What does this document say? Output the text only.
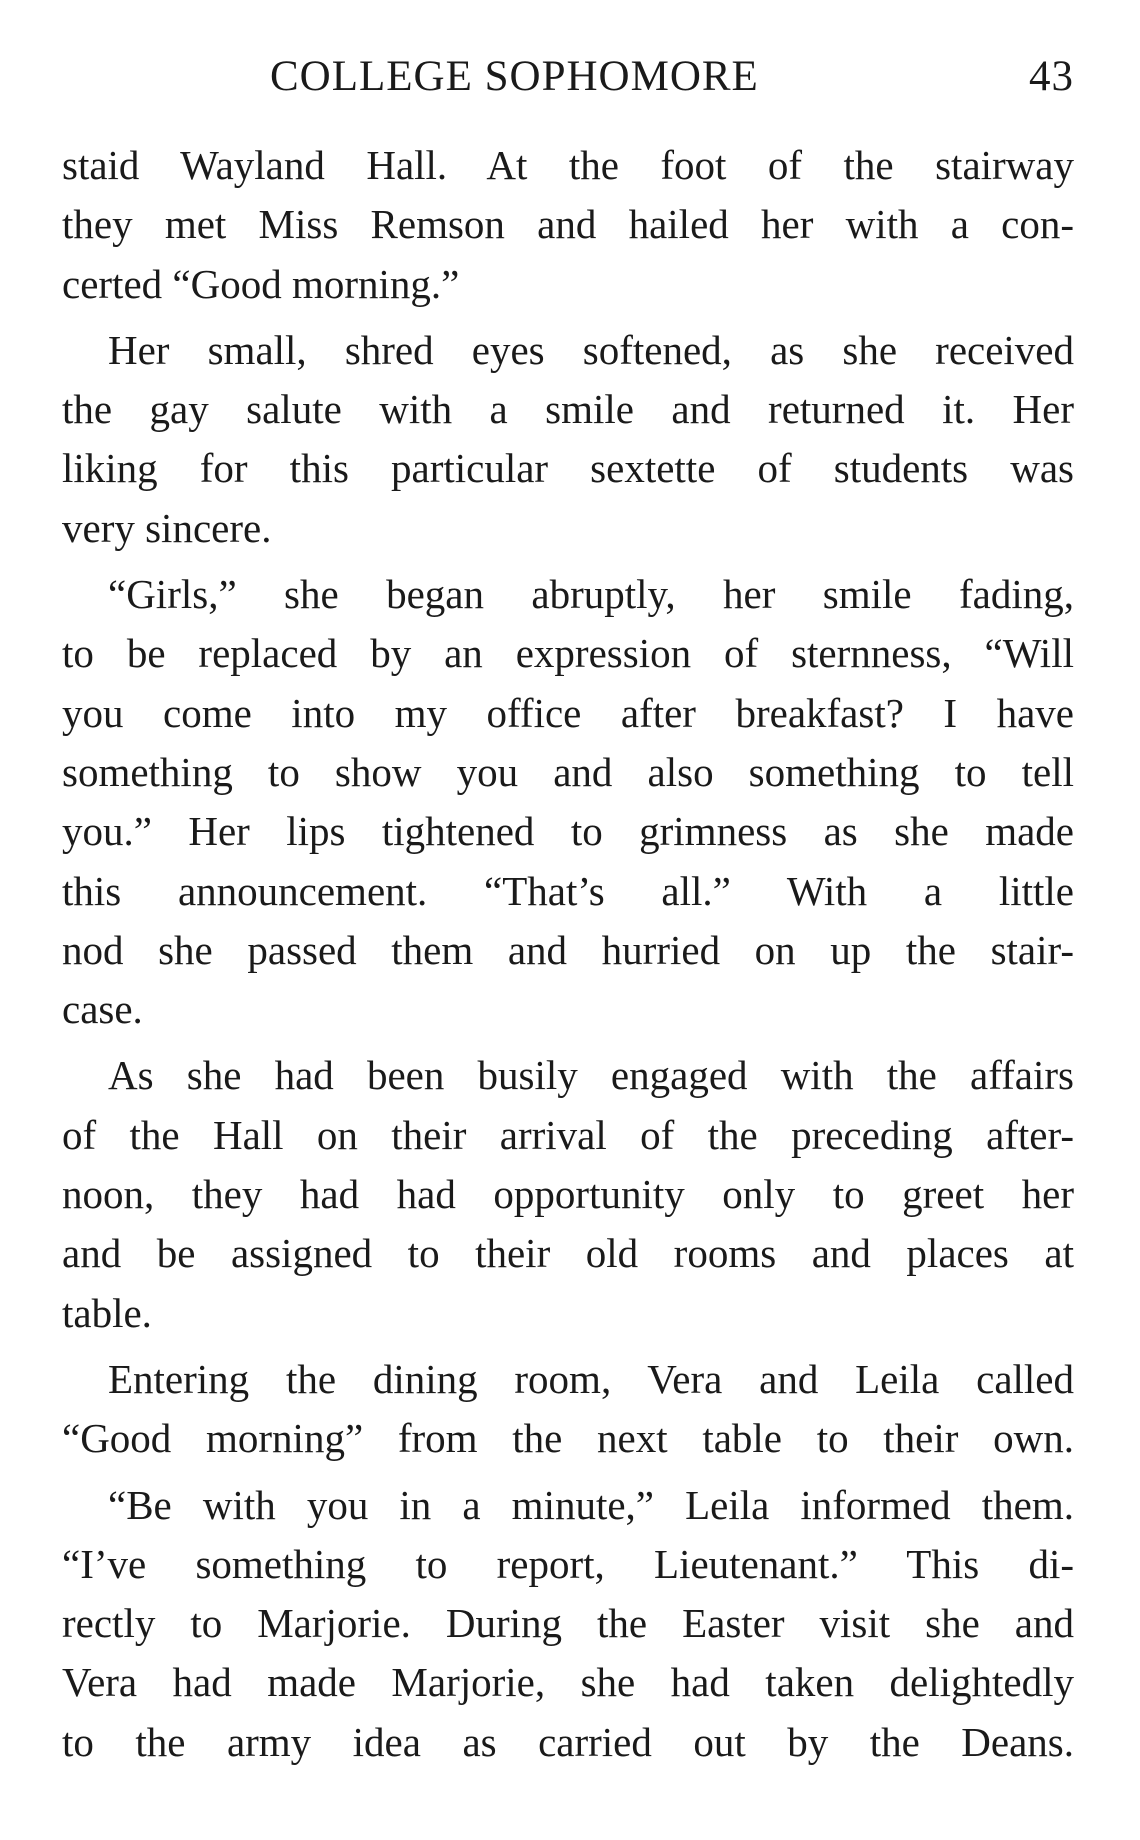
COLLEGE SOPHOMORE	43

staid Wayland Hall. At the foot of the stairway
they met Miss Remson and hailed her with a con-
certed “Good morning.”

Her small, shred eyes softened, as she received
the gay salute with a smile and returned it. Her
liking for this particular sextette of students was
very sincere.

“Girls,” she began abruptly, her smile fading,
to be replaced by an expression of sternness, “Will
you come into my office after breakfast? I have
something to show you and also something to tell
you.” Her lips tightened to grimness as she made
this announcement. “That’s all.” With a little
nod she passed them and hurried on up the stair-
case.

As she had been busily engaged with the affairs
of the Hall on their arrival of the preceding after-
noon, they had had opportunity only to greet her
and be assigned to their old rooms and places at
table.

Entering the dining room, Vera and Leila called
“Good morning” from the next table to their own.

“Be with you in a minute,” Leila informed them.
“I’ve something to report, Lieutenant.” This di-
rectly to Marjorie. During the Easter visit she and
Vera had made Marjorie, she had taken delightedly
to the army idea as carried out by the Deans.
